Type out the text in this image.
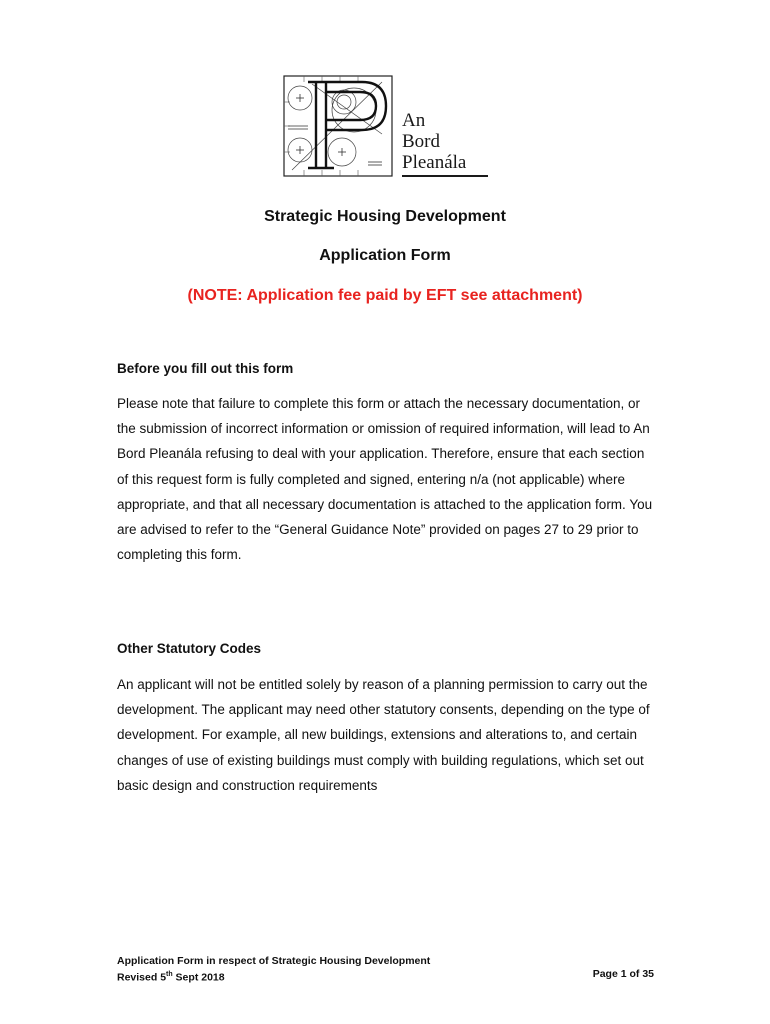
An
Bord
Pleanála
Strategic Housing Development
Application Form
(NOTE: Application fee paid by EFT see attachment)
Before you fill out this form
Please note that failure to complete this form or attach the necessary documentation, or the submission of incorrect information or omission of required information, will lead to An Bord Pleanála refusing to deal with your application. Therefore, ensure that each section of this request form is fully completed and signed, entering n/a (not applicable) where appropriate, and that all necessary documentation is attached to the application form. You are advised to refer to the “General Guidance Note” provided on pages 27 to 29 prior to completing this form.
Other Statutory Codes
An applicant will not be entitled solely by reason of a planning permission to carry out the development. The applicant may need other statutory consents, depending on the type of development. For example, all new buildings, extensions and alterations to, and certain changes of use of existing buildings must comply with building regulations, which set out basic design and construction requirements
Application Form in respect of Strategic Housing Development
Revised 5th Sept 2018	Page 1 of 35
